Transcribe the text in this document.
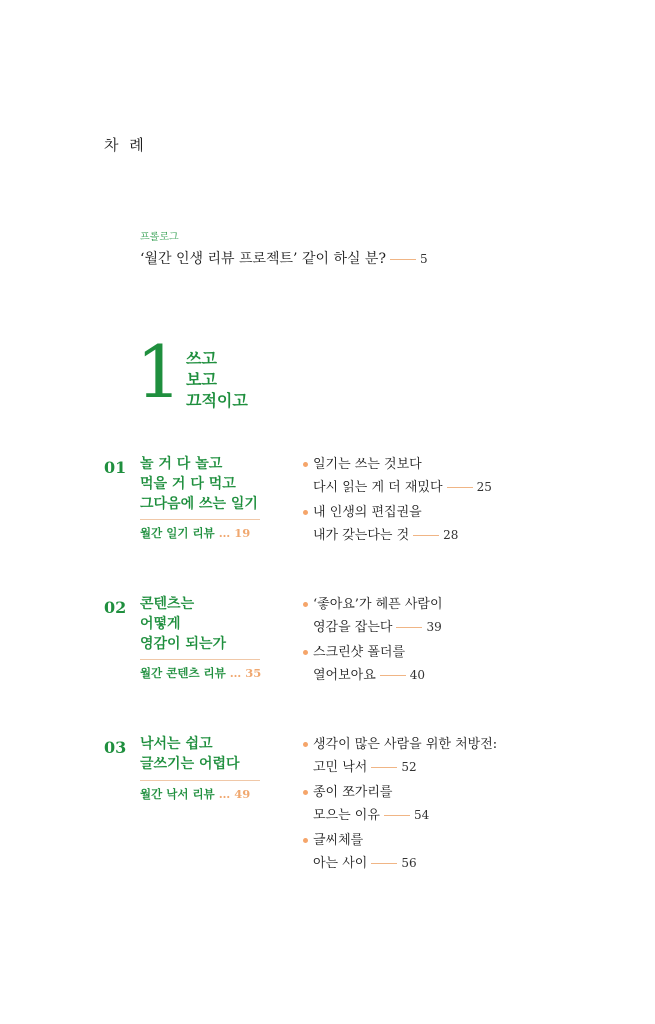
차 례
프롤로그
‘월간 인생 리뷰 프로젝트’ 같이 하실 분?	5
1 쓰고
보고
끄적이고
01 놀 거 다 놀고
먹을 거 다 먹고
그다음에 쓰는 일기
월간 일기 리뷰 … 19
일기는 쓰는 것보다
다시 읽는 게 더 재밌다	25
내 인생의 편집권을
내가 갖는다는 것	28
02 콘텐츠는
어떻게
영감이 되는가
월간 콘텐츠 리뷰 … 35
‘좋아요’가 헤픈 사람이
영감을 잡는다	39
스크린샷 폴더를
열어보아요	40
03 낙서는 쉽고
글쓰기는 어렵다
월간 낙서 리뷰 … 49
생각이 많은 사람을 위한 처방전:
고민 낙서	52
종이 쪼가리를
모으는 이유	54
글씨체를
아는 사이	56
